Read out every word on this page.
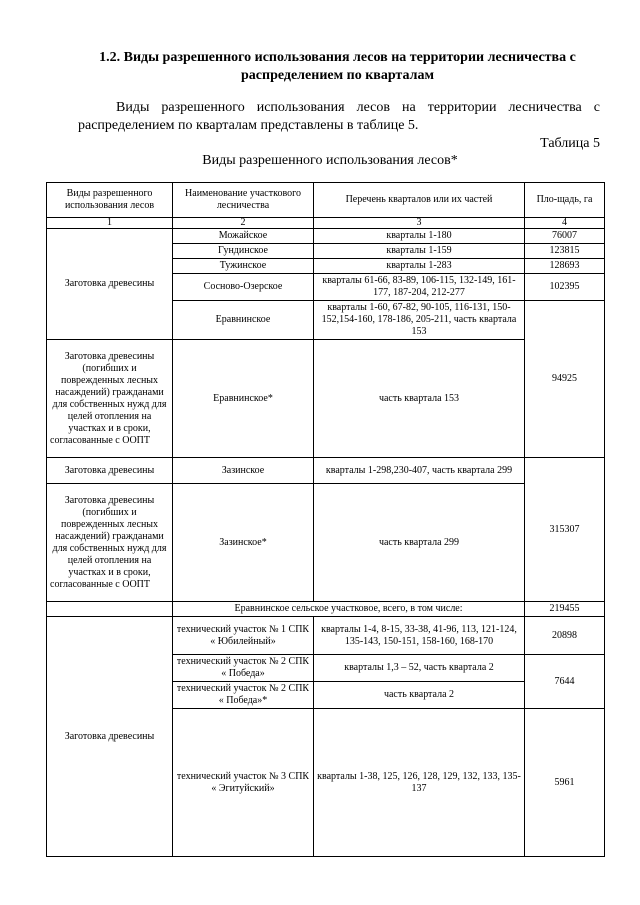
1.2. Виды разрешенного использования лесов на территории лесничества с распределением по кварталам
Виды разрешенного использования лесов на территории лесничества с распределением по кварталам представлены в таблице 5.
Таблица 5
Виды разрешенного использования лесов*
Виды разрешенного использования лесов	Наименование участкового лесничества	Перечень кварталов или их частей	Пло-щадь, га
1	2	3	4
Заготовка древесины	Можайское	кварталы 1-180	76007
	Гундинское	кварталы 1-159	123815
	Тужинское	кварталы 1-283	128693
	Сосново-Озерское	кварталы 61-66, 83-89, 106-115, 132-149, 161-177, 187-204, 212-277	102395
	Еравнинское	кварталы 1-60, 67-82, 90-105, 116-131, 150-152,154-160, 178-186, 205-211, часть квартала 153	94925
Заготовка древесины (погибших и поврежденных лесных насаждений) гражданами для собственных нужд для целей отопления на участках и в сроки, согласованные с ООПТ	Еравнинское*	часть квартала 153	
Заготовка древесины	Зазинское	кварталы 1-298,230-407, часть квартала 299	315307
Заготовка древесины (погибших и поврежденных лесных насаждений) гражданами для собственных нужд для целей отопления на участках и в сроки, согласованные с ООПТ	Зазинское*	часть квартала 299	
	Еравнинское сельское участковое, всего, в том числе:		219455
Заготовка древесины	технический участок № 1 СПК « Юбилейный»	кварталы 1-4, 8-15, 33-38, 41-96, 113, 121-124, 135-143, 150-151, 158-160, 168-170	20898
	технический участок № 2 СПК « Победа»	кварталы 1,3 – 52, часть квартала 2	7644
	технический участок № 2 СПК « Победа»*	часть квартала 2	
	технический участок № 3 СПК « Эгитуйский»	кварталы 1-38, 125, 126, 128, 129, 132, 133, 135-137	5961
